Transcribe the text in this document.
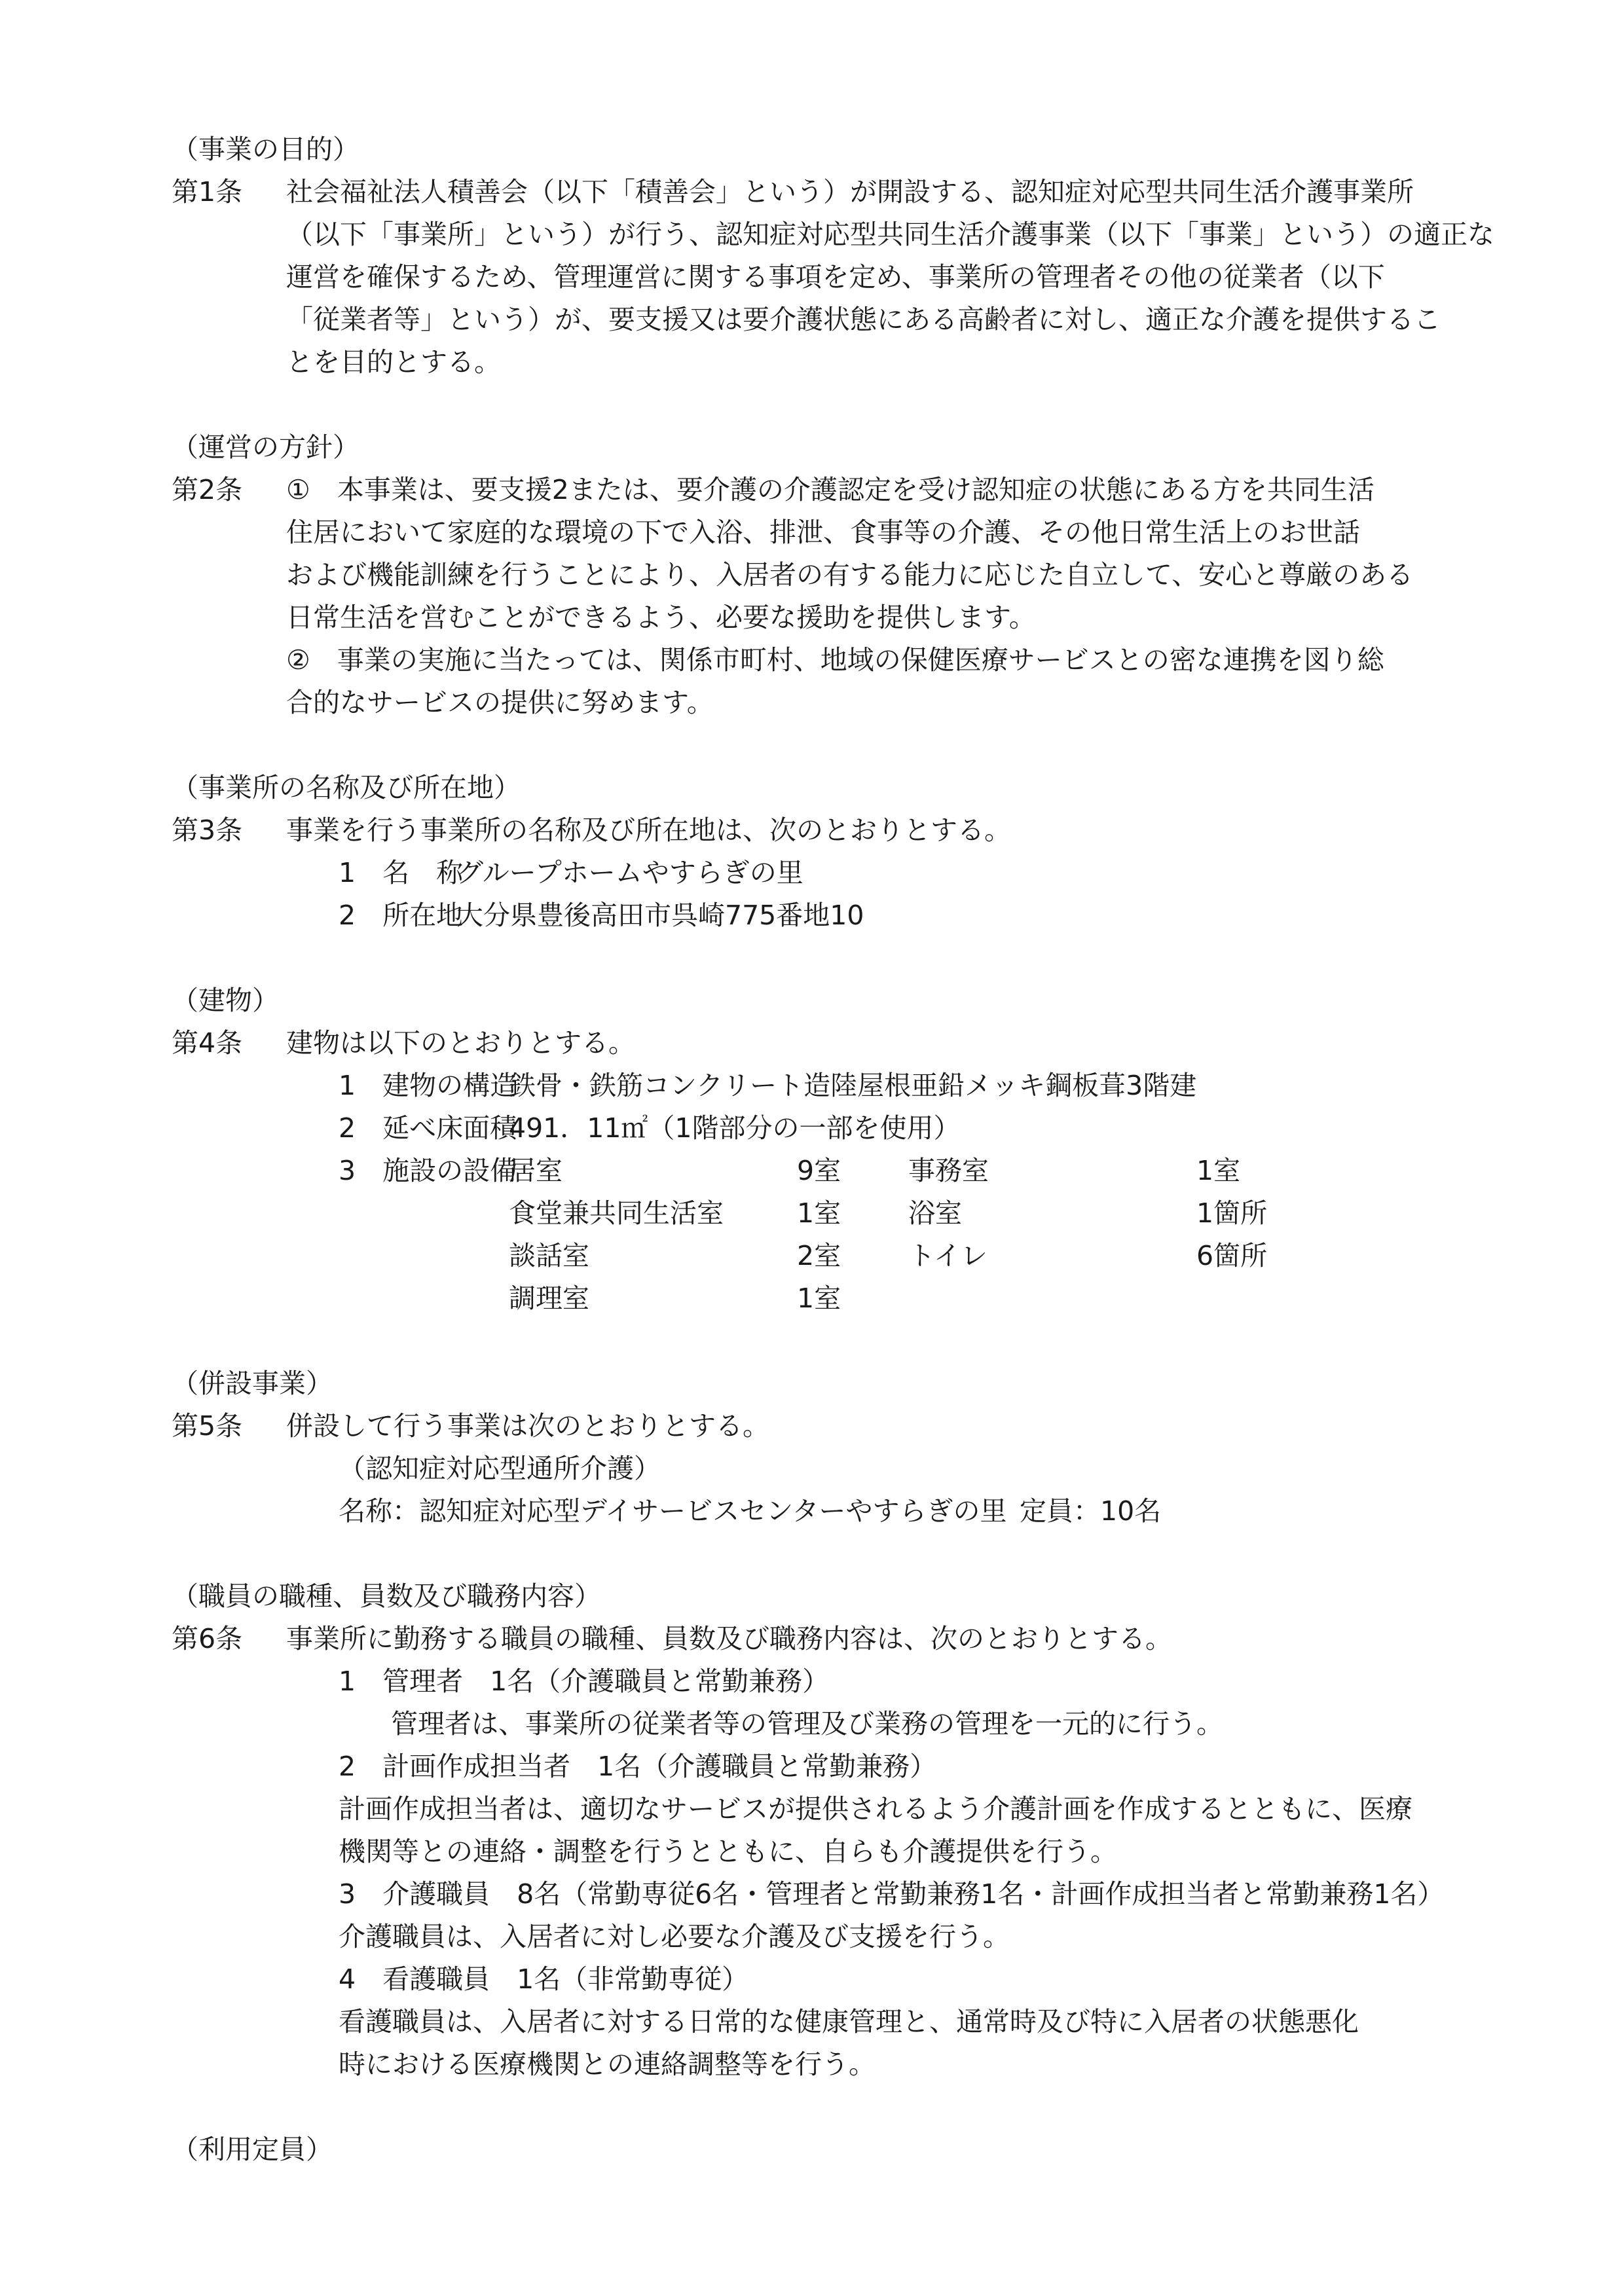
（事業の目的）
第1条 社会福祉法人積善会（以下「積善会」という）が開設する、認知症対応型共同生活介護事業所
（以下「事業所」という）が行う、認知症対応型共同生活介護事業（以下「事業」という）の適正な
運営を確保するため、管理運営に関する事項を定め、事業所の管理者その他の従業者（以下
「従業者等」という）が、要支援又は要介護状態にある高齢者に対し、適正な介護を提供するこ
とを目的とする。
（運営の方針）
第2条 ①　本事業は、要支援2または、要介護の介護認定を受け認知症の状態にある方を共同生活
住居において家庭的な環境の下で入浴、排泄、食事等の介護、その他日常生活上のお世話
および機能訓練を行うことにより、入居者の有する能力に応じた自立して、安心と尊厳のある
日常生活を営むことができるよう、必要な援助を提供します。
②　事業の実施に当たっては、関係市町村、地域の保健医療サービスとの密な連携を図り総
合的なサービスの提供に努めます。
（事業所の名称及び所在地）
第3条 事業を行う事業所の名称及び所在地は、次のとおりとする。
1　名　称
グループホームやすらぎの里
2　所在地
大分県豊後高田市呉崎775番地10
（建物）
第4条 建物は以下のとおりとする。
1　建物の構造
鉄骨・鉄筋コンクリート造陸屋根亜鉛メッキ鋼板葺3階建
2　延べ床面積
491．11㎡（1階部分の一部を使用）
3　施設の設備
居室	9室	事務室	1室
食堂兼共同生活室	1室	浴室	1箇所
談話室	2室	トイレ	6箇所
調理室	1室
（併設事業）
第5条 併設して行う事業は次のとおりとする。
（認知症対応型通所介護）
名称：認知症対応型デイサービスセンターやすらぎの里 定員：10名
（職員の職種、員数及び職務内容）
第6条 事業所に勤務する職員の職種、員数及び職務内容は、次のとおりとする。
1　管理者　1名（介護職員と常勤兼務）
管理者は、事業所の従業者等の管理及び業務の管理を一元的に行う。
2　計画作成担当者　1名（介護職員と常勤兼務）
計画作成担当者は、適切なサービスが提供されるよう介護計画を作成するとともに、医療
機関等との連絡・調整を行うとともに、自らも介護提供を行う。
3　介護職員　8名（常勤専従6名・管理者と常勤兼務1名・計画作成担当者と常勤兼務1名）
介護職員は、入居者に対し必要な介護及び支援を行う。
4　看護職員　1名（非常勤専従）
看護職員は、入居者に対する日常的な健康管理と、通常時及び特に入居者の状態悪化
時における医療機関との連絡調整等を行う。
（利用定員）
